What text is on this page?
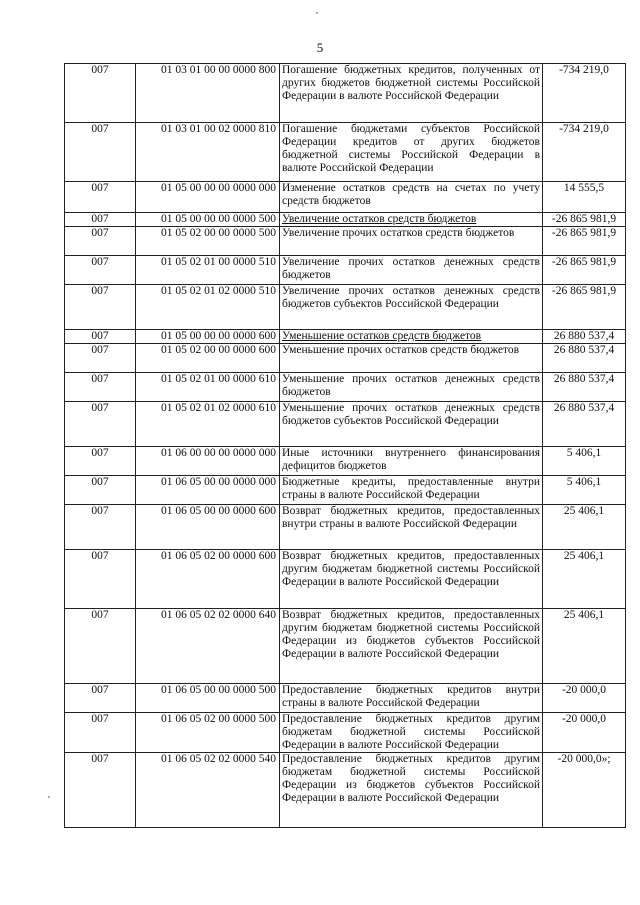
5
007	01 03 01 00 00 0000 800	Погашение бюджетных кредитов, полученных от других бюджетов бюджетной системы Российской Федерации в валюте Российской Федерации	-734 219,0
007	01 03 01 00 02 0000 810	Погашение бюджетами субъектов Российской Федерации кредитов от других бюджетов бюджетной системы Российской Федерации в валюте Российской Федерации	-734 219,0
007	01 05 00 00 00 0000 000	Изменение остатков средств на счетах по учету средств бюджетов	14 555,5
007	01 05 00 00 00 0000 500	Увеличение остатков средств бюджетов	-26 865 981,9
007	01 05 02 00 00 0000 500	Увеличение прочих остатков средств бюджетов	-26 865 981,9
007	01 05 02 01 00 0000 510	Увеличение прочих остатков денежных средств бюджетов	-26 865 981,9
007	01 05 02 01 02 0000 510	Увеличение прочих остатков денежных средств бюджетов субъектов Российской Федерации	-26 865 981,9
007	01 05 00 00 00 0000 600	Уменьшение остатков средств бюджетов	26 880 537,4
007	01 05 02 00 00 0000 600	Уменьшение прочих остатков средств бюджетов	26 880 537,4
007	01 05 02 01 00 0000 610	Уменьшение прочих остатков денежных средств бюджетов	26 880 537,4
007	01 05 02 01 02 0000 610	Уменьшение прочих остатков денежных средств бюджетов субъектов Российской Федерации	26 880 537,4
007	01 06 00 00 00 0000 000	Иные источники внутреннего финансирования дефицитов бюджетов	5 406,1
007	01 06 05 00 00 0000 000	Бюджетные кредиты, предоставленные внутри страны в валюте Российской Федерации	5 406,1
007	01 06 05 00 00 0000 600	Возврат бюджетных кредитов, предоставленных внутри страны в валюте Российской Федерации	25 406,1
007	01 06 05 02 00 0000 600	Возврат бюджетных кредитов, предоставленных другим бюджетам бюджетной системы Российской Федерации в валюте Российской Федерации	25 406,1
007	01 06 05 02 02 0000 640	Возврат бюджетных кредитов, предоставленных другим бюджетам бюджетной системы Российской Федерации из бюджетов субъектов Российской Федерации в валюте Российской Федерации	25 406,1
007	01 06 05 00 00 0000 500	Предоставление бюджетных кредитов внутри страны в валюте Российской Федерации	-20 000,0
007	01 06 05 02 00 0000 500	Предоставление бюджетных кредитов другим бюджетам бюджетной системы Российской Федерации в валюте Российской Федерации	-20 000,0
007	01 06 05 02 02 0000 540	Предоставление бюджетных кредитов другим бюджетам бюджетной системы Российской Федерации из бюджетов субъектов Российской Федерации в валюте Российской Федерации	-20 000,0»;
